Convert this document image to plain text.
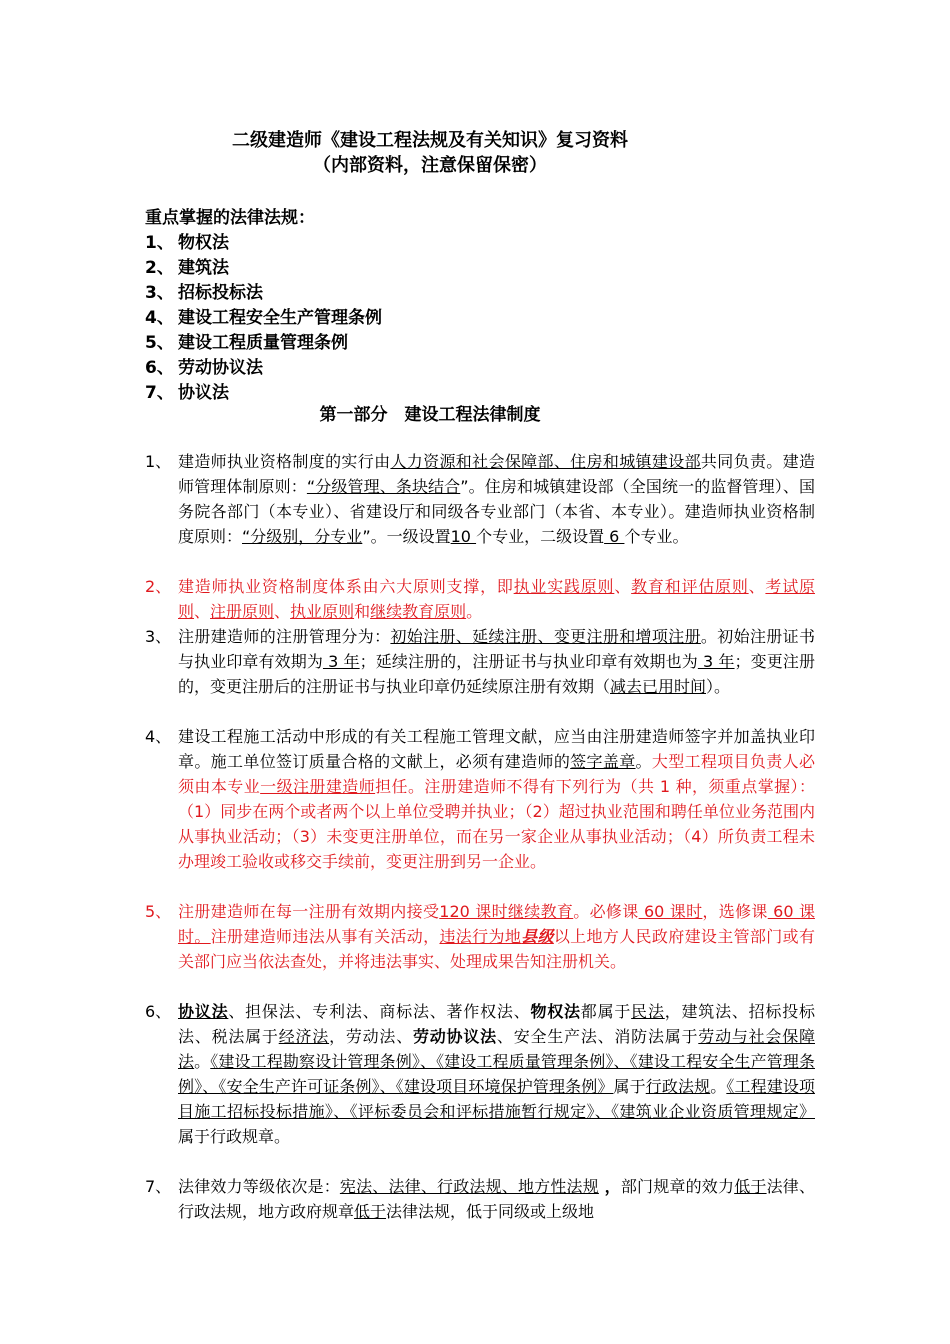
二级建造师《建设工程法规及有关知识》复习资料
（内部资料，注意保留保密）
重点掌握的法律法规：
1、 物权法
2、 建筑法
3、 招标投标法
4、 建设工程安全生产管理条例
5、 建设工程质量管理条例
6、 劳动协议法
7、 协议法
第一部分　建设工程法律制度
1、 建造师执业资格制度的实行由人力资源和社会保障部、住房和城镇建设部共同负责。建造师管理体制原则：“分级管理、条块结合”。住房和城镇建设部（全国统一的监督管理）、国务院各部门（本专业）、省建设厅和同级各专业部门（本省、本专业）。建造师执业资格制度原则：“分级别，分专业”。一级设置10 个专业，二级设置 6 个专业。
2、 建造师执业资格制度体系由六大原则支撑，即执业实践原则、教育和评估原则、考试原则、注册原则、执业原则和继续教育原则。
3、 注册建造师的注册管理分为：初始注册、延续注册、变更注册和增项注册。初始注册证书与执业印章有效期为 3 年；延续注册的，注册证书与执业印章有效期也为 3 年；变更注册的，变更注册后的注册证书与执业印章仍延续原注册有效期（减去已用时间）。
4、 建设工程施工活动中形成的有关工程施工管理文献，应当由注册建造师签字并加盖执业印章。施工单位签订质量合格的文献上，必须有建造师的签字盖章。大型工程项目负责人必须由本专业一级注册建造师担任。注册建造师不得有下列行为（共 1 种，须重点掌握）：（1）同步在两个或者两个以上单位受聘并执业；（2）超过执业范围和聘任单位业务范围内从事执业活动；（3）未变更注册单位，而在另一家企业从事执业活动；（4）所负责工程未办理竣工验收或移交手续前，变更注册到另一企业。
5、 注册建造师在每一注册有效期内接受120 课时继续教育。必修课 60 课时，选修课 60 课时。注册建造师违法从事有关活动，违法行为地县级以上地方人民政府建设主管部门或有关部门应当依法查处，并将违法事实、处理成果告知注册机关。
6、 协议法、担保法、专利法、商标法、著作权法、物权法都属于民法，建筑法、招标投标法、税法属于经济法，劳动法、劳动协议法、安全生产法、消防法属于劳动与社会保障法。《建设工程勘察设计管理条例》、《建设工程质量管理条例》、《建设工程安全生产管理条例》、《安全生产许可证条例》、《建设项目环境保护管理条例》属于行政法规。《工程建设项目施工招标投标措施》、《评标委员会和评标措施暂行规定》、《建筑业企业资质管理规定》属于行政规章。
7、 法律效力等级依次是：宪法、法律、行政法规、地方性法规 ，部门规章的效力低于法律、行政法规，地方政府规章低于法律法规，低于同级或上级地
